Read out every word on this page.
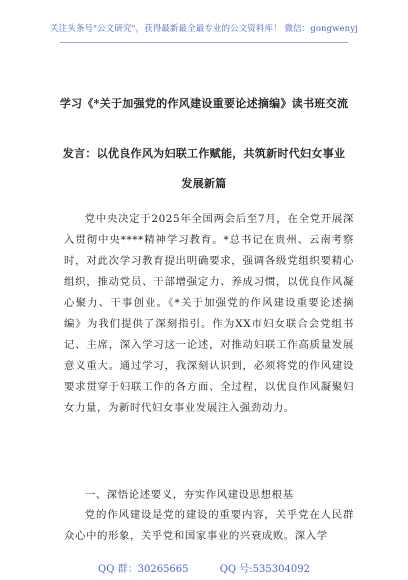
关注头条号"公文研究"，获得最新最全最专业的公文资料库！ 微信：gongwenyj
学习《*关于加强党的作风建设重要论述摘编》读书班交流
发言：以优良作风为妇联工作赋能，共筑新时代妇女事业
发展新篇

党中央决定于2025年全国两会后至7月，在全党开展深入贯彻中央****精神学习教育。*总书记在贵州、云南考察时，对此次学习教育提出明确要求，强调各级党组织要精心组织，推动党员、干部增强定力、养成习惯，以优良作风凝心聚力、干事创业。《*关于加强党的作风建设重要论述摘编》为我们提供了深刻指引。作为XX市妇女联合会党组书记、主席，深入学习这一论述，对推动妇联工作高质量发展意义重大。通过学习，我深刻认识到，必须将党的作风建设要求贯穿于妇联工作的各方面、全过程，以优良作风凝聚妇女力量，为新时代妇女事业发展注入强劲动力。

一、深悟论述要义，夯实作风建设思想根基

党的作风建设是党的建设的重要内容，关乎党在人民群众心中的形象，关乎党和国家事业的兴衰成败。深入学

QQ 群：30265665	QQ 号:535304092
